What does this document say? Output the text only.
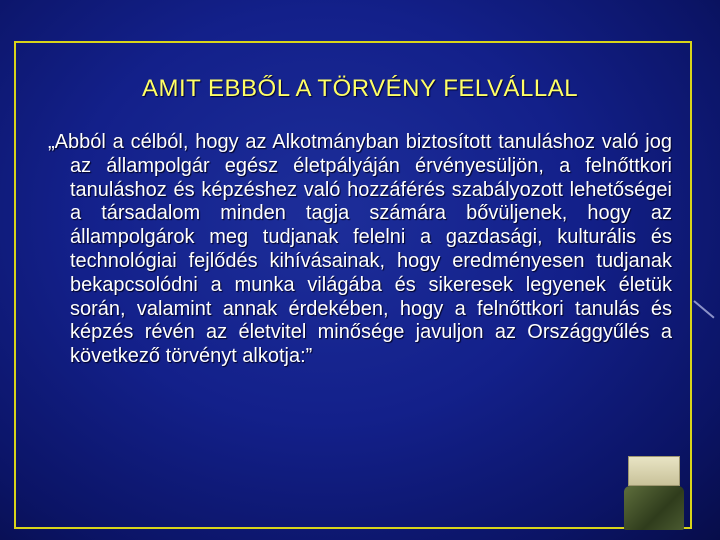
AMIT EBBŐL A TÖRVÉNY FELVÁLLAL
„Abból a célból, hogy az Alkotmányban biztosított tanuláshoz való jog az állampolgár egész életpályáján érvényesüljön, a felnőttkori tanuláshoz és képzéshez való hozzáférés szabályozott lehetőségei a társadalom minden tagja számára bővüljenek, hogy az állampolgárok meg tudjanak felelni a gazdasági, kulturális és technológiai fejlődés kihívásainak, hogy eredményesen tudjanak bekapcsolódni a munka világába és sikeresek legyenek életük során, valamint annak érdekében, hogy a felnőttkori tanulás és képzés révén az életvitel minősége javuljon az Országgyűlés a következő törvényt alkotja:”
